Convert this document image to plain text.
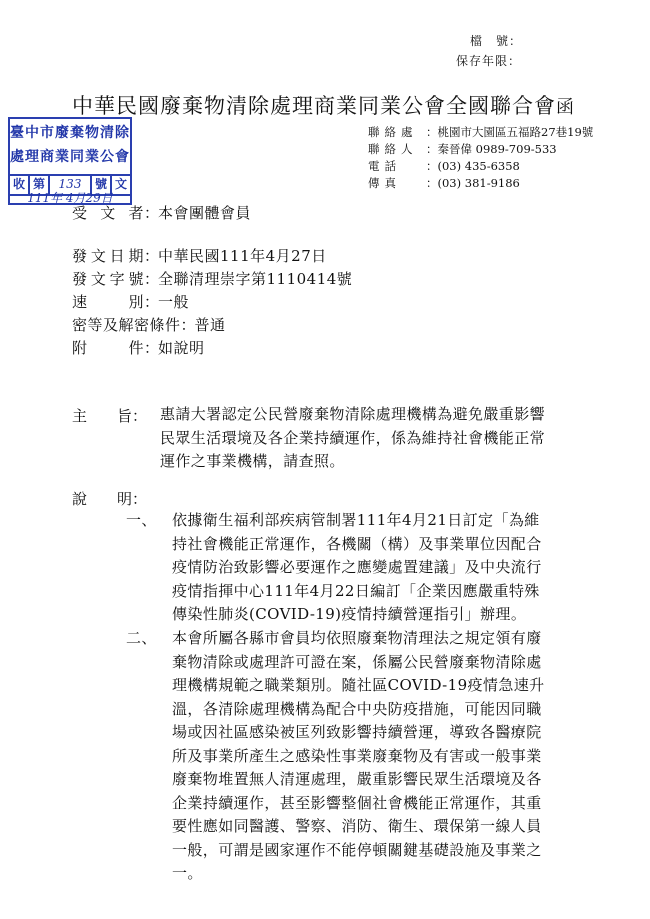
檔　號：
保存年限：
中華民國廢棄物清除處理商業同業公會全國聯合會 函
聯絡處 ：桃園市大園區五福路27巷19號
聯絡人 ：秦晉偉 0989-709-533
電話 ：(03) 435-6358
傳真 ：(03) 381-9186
臺中市廢棄物清除
處理商業同業公會
收 第	133	號 文
111年 4月29日
受文者：本會團體會員
發文日期：中華民國111年4月27日
發文字號：全聯清理崇字第1110414號
速別：一般
密等及解密條件：普通
附件：如說明
主　　旨： 惠請大署認定公民營廢棄物清除處理機構為避免嚴重影響
民眾生活環境及各企業持續運作，係為維持社會機能正常
運作之事業機構，請查照。
說　　明：
一、 依據衛生福利部疾病管制署111年4月21日訂定「為維
持社會機能正常運作，各機關（構）及事業單位因配合
疫情防治致影響必要運作之應變處置建議」及中央流行
疫情指揮中心111年4月22日編訂「企業因應嚴重特殊
傳染性肺炎(COVID-19)疫情持續營運指引」辦理。
二、 本會所屬各縣市會員均依照廢棄物清理法之規定領有廢
棄物清除或處理許可證在案，係屬公民營廢棄物清除處
理機構規範之職業類別。隨社區COVID-19疫情急速升
溫，各清除處理機構為配合中央防疫措施，可能因同職
場或因社區感染被匡列致影響持續營運，導致各醫療院
所及事業所產生之感染性事業廢棄物及有害或一般事業
廢棄物堆置無人清運處理，嚴重影響民眾生活環境及各
企業持續運作，甚至影響整個社會機能正常運作，其重
要性應如同醫護、警察、消防、衛生、環保第一線人員
一般，可謂是國家運作不能停頓關鍵基礎設施及事業之
一。
